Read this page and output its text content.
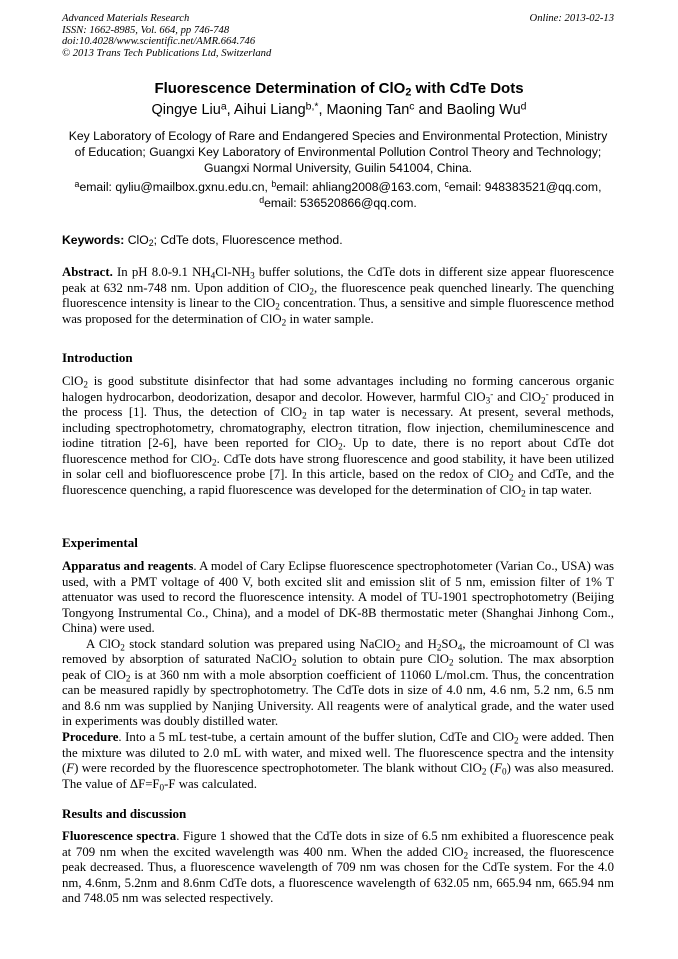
Advanced Materials Research
ISSN: 1662-8985, Vol. 664, pp 746-748
doi:10.4028/www.scientific.net/AMR.664.746
© 2013 Trans Tech Publications Ltd, Switzerland
Online: 2013-02-13
Fluorescence Determination of ClO$_2$ with CdTe Dots
Qingye Liu$^a$, Aihui Liang$^{b,*}$, Maoning Tan$^c$ and Baoling Wu$^d$
Key Laboratory of Ecology of Rare and Endangered Species and Environmental Protection, Ministry of Education; Guangxi Key Laboratory of Environmental Pollution Control Theory and Technology; Guangxi Normal University, Guilin 541004, China.
$^a$email: qyliu@mailbox.gxnu.edu.cn, $^b$email: ahliang2008@163.com, $^c$email: 948383521@qq.com,
$^d$email: 536520866@qq.com.
Keywords: ClO$_2$; CdTe dots, Fluorescence method.

Abstract. In pH 8.0-9.1 $NH_4Cl-NH_3$ buffer solutions, the CdTe dots in different size appear fluorescence peak at 632 nm-748 nm. Upon addition of ClO$_2$, the fluorescence peak quenched linearly. The quenching fluorescence intensity is linear to the ClO$_2$ concentration. Thus, a sensitive and simple fluorescence method was proposed for the determination of ClO$_2$ in water sample.

Introduction

ClO$_2$ is good substitute disinfector that had some advantages including no forming cancerous organic halogen hydrocarbon, deodorization, desapor and decolor. However, harmful ClO$_3$- and ClO$_2$- produced in the process [1]. Thus, the detection of ClO$_2$ in tap water is necessary. At present, several methods, including spectrophotometry, chromatography, electron titration, flow injection, chemiluminescence and iodine titration [2-6], have been reported for ClO$_2$. Up to date, there is no report about CdTe dot fluorescence method for ClO$_2$. CdTe dots have strong fluorescence and good stability, it have been utilized in solar cell and biofluorescence probe [7]. In this article, based on the redox of ClO$_2$ and CdTe, and the fluorescence quenching, a rapid fluorescence was developed for the determination of ClO$_2$ in tap water.

Experimental

Apparatus and reagents. A model of Cary Eclipse fluorescence spectrophotometer (Varian Co., USA) was used, with a PMT voltage of 400 V, both excited slit and emission slit of 5 nm, emission filter of 1% T attenuator was used to record the fluorescence intensity. A model of TU-1901 spectrophotometry (Beijing Tongyong Instrumental Co., China), and a model of DK-8B thermostatic meter (Shanghai Jinhong Com., China) were used.

A ClO$_2$ stock standard solution was prepared using NaClO$_2$ and $H_2SO_4$, the microamount of Cl was removed by absorption of saturated NaClO$_2$ solution to obtain pure ClO$_2$ solution. The max absorption peak of ClO$_2$ is at 360 nm with a mole absorption coefficient of 11060 L/mol.cm. Thus, the concentration can be measured rapidly by spectrophotometry. The CdTe dots in size of 4.0 nm, 4.6 nm, 5.2 nm, 6.5 nm and 8.6 nm was supplied by Nanjing University. All reagents were of analytical grade, and the water used in experiments was doubly distilled water.

Procedure. Into a 5 mL test-tube, a certain amount of the buffer slution, CdTe and ClO$_2$ were added. Then the mixture was diluted to 2.0 mL with water, and mixed well. The fluorescence spectra and the intensity (F) were recorded by the fluorescence spectrophotometer. The blank without ClO$_2$ $(F_0)$ was also measured. The value of $\Delta F=F_0-F$ was calculated.

Results and discussion

Fluorescence spectra. Figure 1 showed that the CdTe dots in size of 6.5 nm exhibited a fluorescence peak at 709 nm when the excited wavelength was 400 nm. When the added ClO$_2$ increased, the fluorescence peak decreased. Thus, a fluorescence wavelength of 709 nm was chosen for the CdTe system. For the 4.0 nm, 4.6nm, 5.2nm and 8.6nm CdTe dots, a fluorescence wavelength of 632.05 nm, 665.94 nm, 665.94 nm and 748.05 nm was selected respectively.
